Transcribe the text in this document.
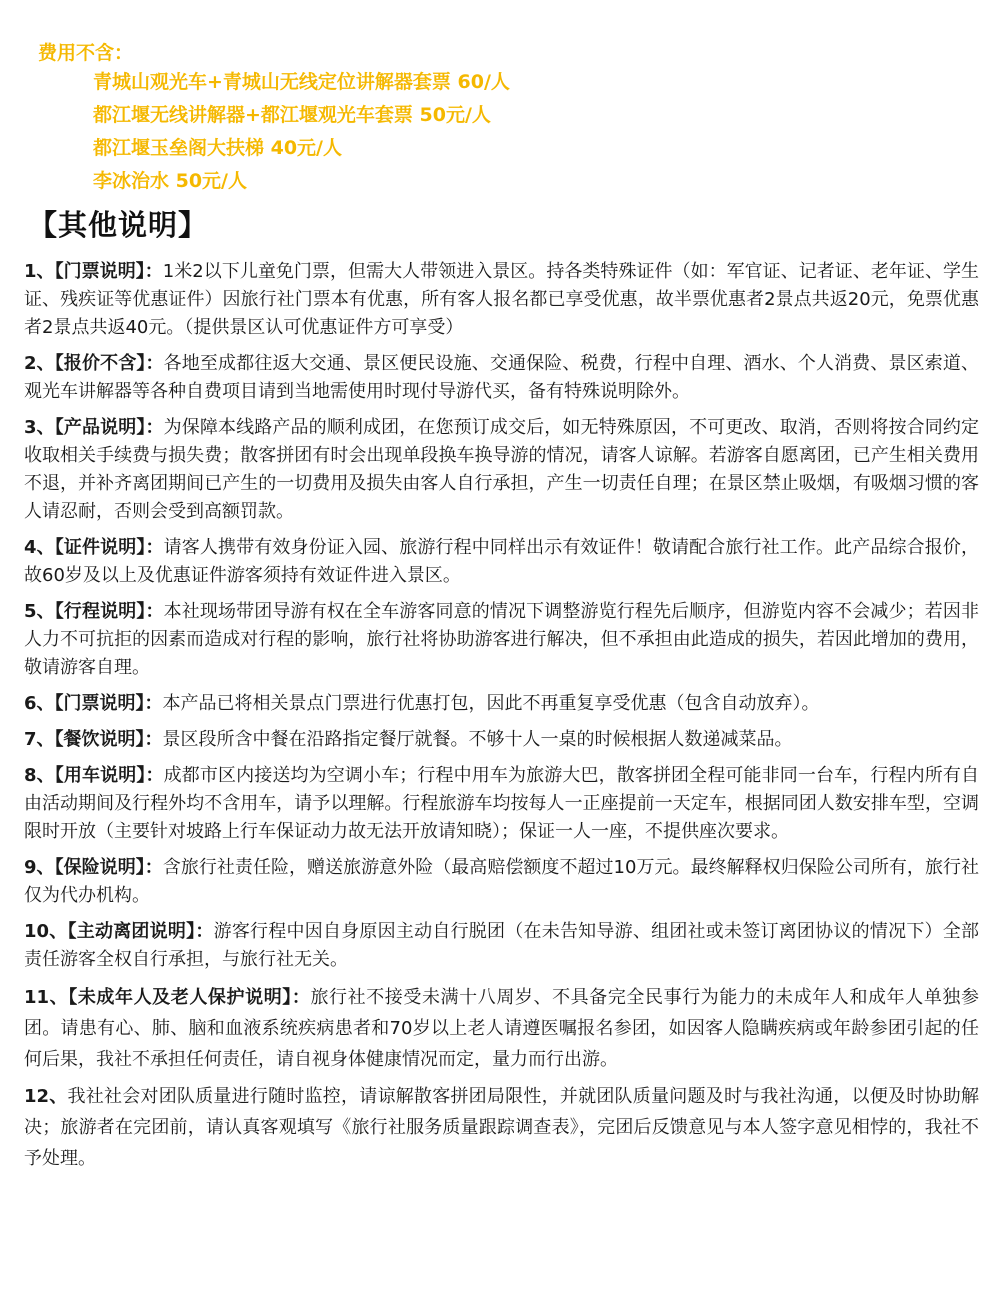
费用不含：
青城山观光车+青城山无线定位讲解器套票 60/人
都江堰无线讲解器+都江堰观光车套票 50元/人
都江堰玉垒阁大扶梯 40元/人
李冰治水 50元/人
【其他说明】
1、【门票说明】：1米2以下儿童免门票，但需大人带领进入景区。持各类特殊证件（如：军官证、记者证、老年证、学生证、残疾证等优惠证件）因旅行社门票本有优惠，所有客人报名都已享受优惠，故半票优惠者2景点共返20元，免票优惠者2景点共返40元。（提供景区认可优惠证件方可享受）
2、【报价不含】：各地至成都往返大交通、景区便民设施、交通保险、税费，行程中自理、酒水、个人消费、景区索道、观光车讲解器等各种自费项目请到当地需使用时现付导游代买，备有特殊说明除外。
3、【产品说明】：为保障本线路产品的顺利成团，在您预订成交后，如无特殊原因，不可更改、取消，否则将按合同约定收取相关手续费与损失费；散客拼团有时会出现单段换车换导游的情况，请客人谅解。若游客自愿离团，已产生相关费用不退，并补齐离团期间已产生的一切费用及损失由客人自行承担，产生一切责任自理；在景区禁止吸烟，有吸烟习惯的客人请忍耐，否则会受到高额罚款。
4、【证件说明】：请客人携带有效身份证入园、旅游行程中同样出示有效证件！敬请配合旅行社工作。此产品综合报价，故60岁及以上及优惠证件游客须持有效证件进入景区。
5、【行程说明】：本社现场带团导游有权在全车游客同意的情况下调整游览行程先后顺序，但游览内容不会减少；若因非人力不可抗拒的因素而造成对行程的影响，旅行社将协助游客进行解决，但不承担由此造成的损失，若因此增加的费用，敬请游客自理。
6、【门票说明】：本产品已将相关景点门票进行优惠打包，因此不再重复享受优惠（包含自动放弃）。
7、【餐饮说明】：景区段所含中餐在沿路指定餐厅就餐。不够十人一桌的时候根据人数递减菜品。
8、【用车说明】：成都市区内接送均为空调小车；行程中用车为旅游大巴，散客拼团全程可能非同一台车，行程内所有自由活动期间及行程外均不含用车，请予以理解。行程旅游车均按每人一正座提前一天定车，根据同团人数安排车型，空调限时开放（主要针对坡路上行车保证动力故无法开放请知晓）；保证一人一座，不提供座次要求。
9、【保险说明】：含旅行社责任险，赠送旅游意外险（最高赔偿额度不超过10万元。最终解释权归保险公司所有，旅行社仅为代办机构。
10、【主动离团说明】：游客行程中因自身原因主动自行脱团（在未告知导游、组团社或未签订离团协议的情况下）全部责任游客全权自行承担，与旅行社无关。
11、【未成年人及老人保护说明】：旅行社不接受未满十八周岁、不具备完全民事行为能力的未成年人和成年人单独参团。请患有心、肺、脑和血液系统疾病患者和70岁以上老人请遵医嘱报名参团，如因客人隐瞒疾病或年龄参团引起的任何后果，我社不承担任何责任，请自视身体健康情况而定，量力而行出游。
12、我社社会对团队质量进行随时监控，请谅解散客拼团局限性，并就团队质量问题及时与我社沟通，以便及时协助解决；旅游者在完团前，请认真客观填写《旅行社服务质量跟踪调查表》，完团后反馈意见与本人签字意见相悖的，我社不予处理。
